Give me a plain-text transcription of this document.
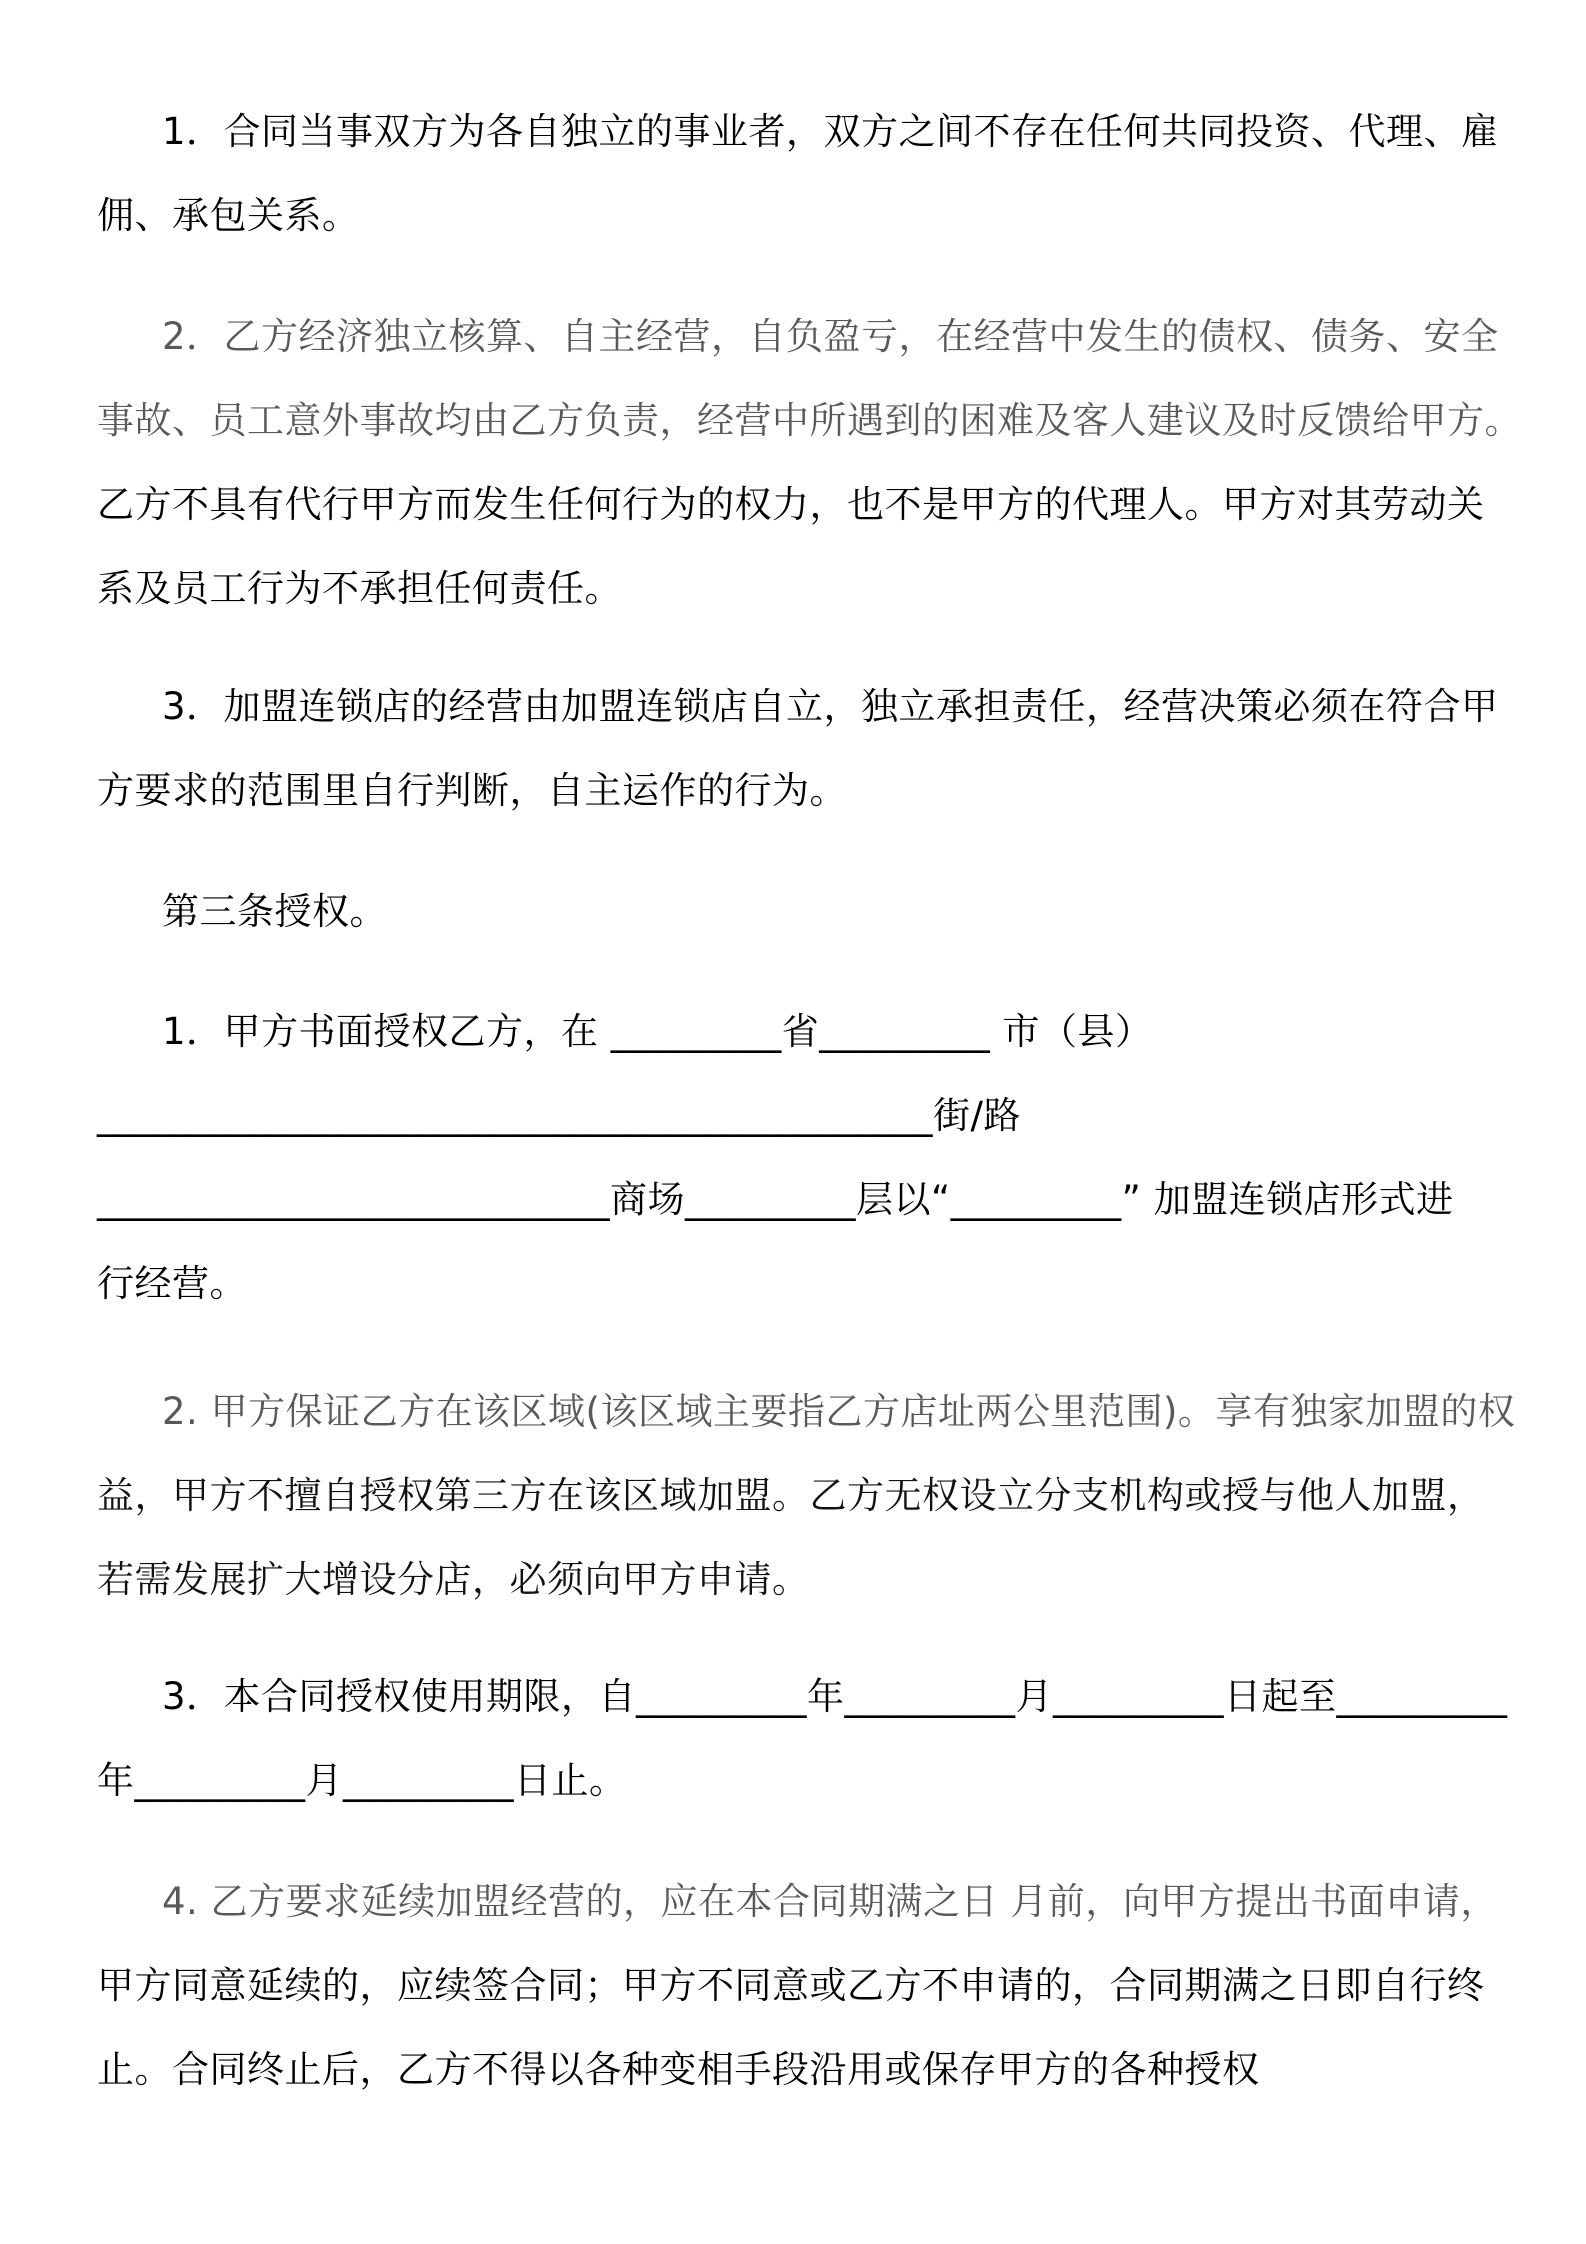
1．合同当事双方为各自独立的事业者，双方之间不存在任何共同投资、代理、雇
佣、承包关系。
2．乙方经济独立核算、自主经营，自负盈亏，在经营中发生的债权、债务、安全
事故、员工意外事故均由乙方负责，经营中所遇到的困难及客人建议及时反馈给甲方。
乙方不具有代行甲方而发生任何行为的权力，也不是甲方的代理人。甲方对其劳动关
系及员工行为不承担任何责任。
3．加盟连锁店的经营由加盟连锁店自立，独立承担责任，经营决策必须在符合甲
方要求的范围里自行判断，自主运作的行为。
第三条授权。
1．甲方书面授权乙方，在 _________省_________ 市（县）
____________________________________________街/路
___________________________商场_________层以“_________” 加盟连锁店形式进
行经营。
2. 甲方保证乙方在该区域(该区域主要指乙方店址两公里范围)。享有独家加盟的权
益，甲方不擅自授权第三方在该区域加盟。乙方无权设立分支机构或授与他人加盟，
若需发展扩大增设分店，必须向甲方申请。
3．本合同授权使用期限，自_________年_________月_________日起至_________
年_________月_________日止。
4. 乙方要求延续加盟经营的，应在本合同期满之日 月前，向甲方提出书面申请，
甲方同意延续的，应续签合同；甲方不同意或乙方不申请的，合同期满之日即自行终
止。合同终止后，乙方不得以各种变相手段沿用或保存甲方的各种授权
